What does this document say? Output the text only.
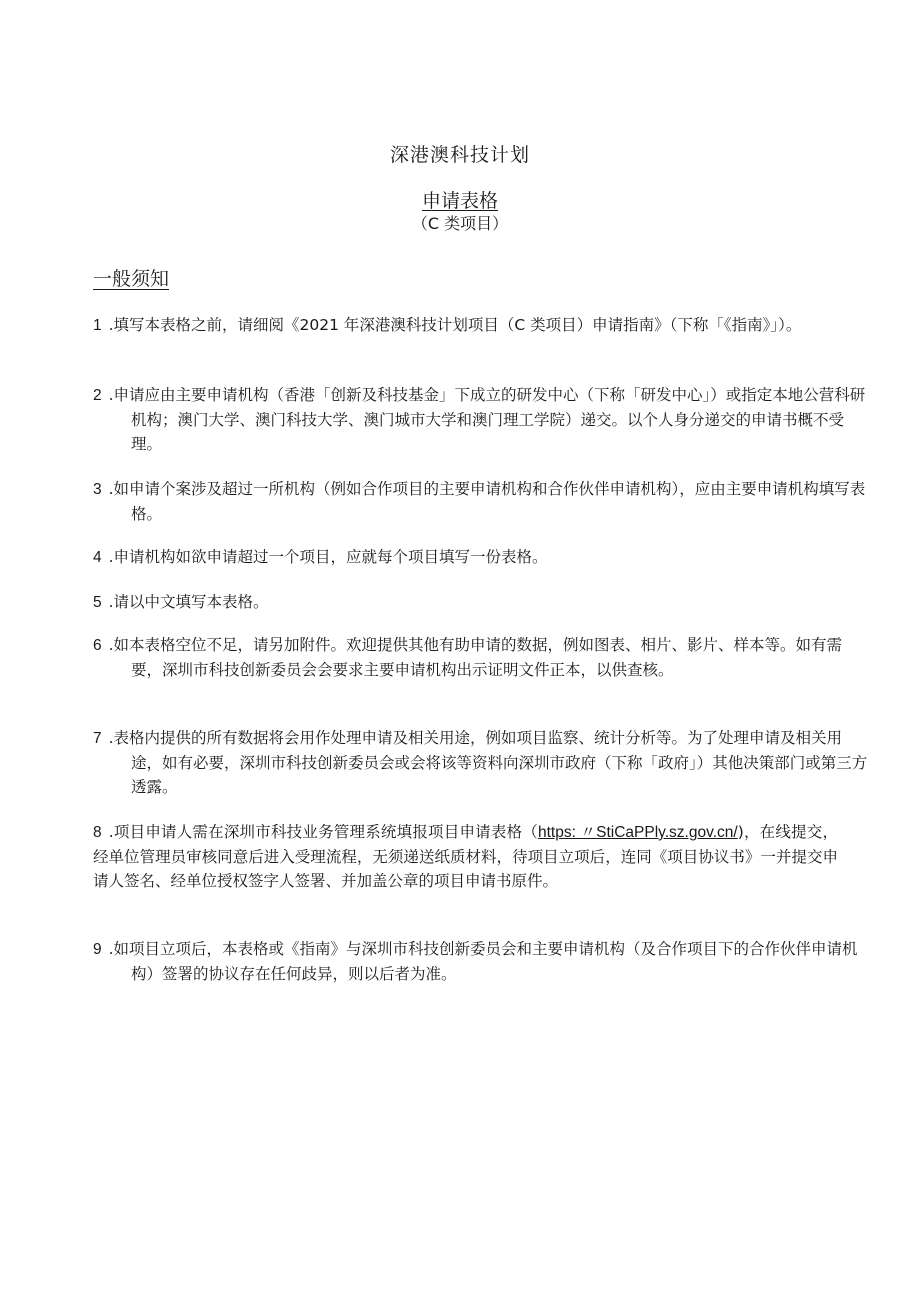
深港澳科技计划
申请表格
（C 类项目）
一般须知
1 .填写本表格之前，请细阅《2021 年深港澳科技计划项目（C 类项目）申请指南》（下称「《指南》」）。
2 .申请应由主要申请机构（香港「创新及科技基金」下成立的研发中心（下称「研发中心」）或指定本地公营科研机构；澳门大学、澳门科技大学、澳门城市大学和澳门理工学院）递交。以个人身分递交的申请书概不受理。
3 .如申请个案涉及超过一所机构（例如合作项目的主要申请机构和合作伙伴申请机构），应由主要申请机构填写表格。
4 .申请机构如欲申请超过一个项目，应就每个项目填写一份表格。
5 .请以中文填写本表格。
6 .如本表格空位不足，请另加附件。欢迎提供其他有助申请的数据，例如图表、相片、影片、样本等。如有需要，深圳市科技创新委员会会要求主要申请机构出示证明文件正本，以供查核。
7 .表格内提供的所有数据将会用作处理申请及相关用途，例如项目监察、统计分析等。为了处理申请及相关用途，如有必要，深圳市科技创新委员会或会将该等资料向深圳市政府（下称「政府」）其他决策部门或第三方透露。
8 .项目申请人需在深圳市科技业务管理系统填报项目申请表格（https: 〃StiCaPPly.sz.gov.cn/)，在线提交，经单位管理员审核同意后进入受理流程，无须递送纸质材料，待项目立项后，连同《项目协议书》一并提交申请人签名、经单位授权签字人签署、并加盖公章的项目申请书原件。
9 .如项目立项后，本表格或《指南》与深圳市科技创新委员会和主要申请机构（及合作项目下的合作伙伴申请机构）签署的协议存在任何歧异，则以后者为准。
